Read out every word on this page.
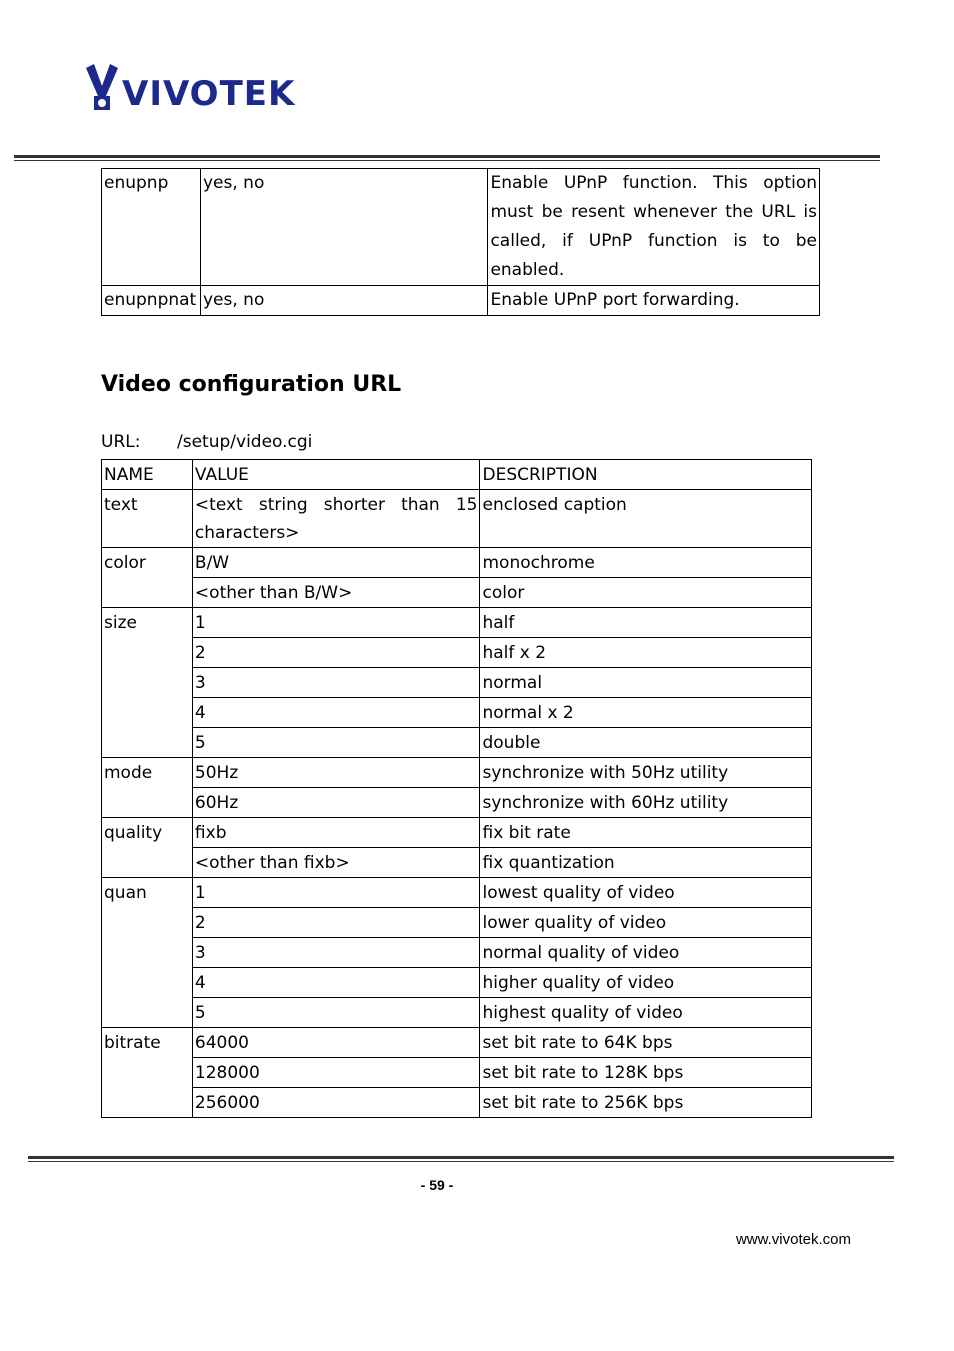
VIVOTEK
enupnp	yes, no	Enable UPnP function. This option must be resent whenever the URL is called, if UPnP function is to be enabled.
enupnpnat	yes, no	Enable UPnP port forwarding.
Video configuration URL
URL: /setup/video.cgi
NAME	VALUE	DESCRIPTION
text	<text string shorter than 15 characters>	enclosed caption
color	B/W	monochrome
	<other than B/W>	color
size	1	half
	2	half x 2
	3	normal
	4	normal x 2
	5	double
mode	50Hz	synchronize with 50Hz utility
	60Hz	synchronize with 60Hz utility
quality	fixb	fix bit rate
	<other than fixb>	fix quantization
quan	1	lowest quality of video
	2	lower quality of video
	3	normal quality of video
	4	higher quality of video
	5	highest quality of video
bitrate	64000	set bit rate to 64K bps
	128000	set bit rate to 128K bps
	256000	set bit rate to 256K bps
- 59 -
www.vivotek.com
